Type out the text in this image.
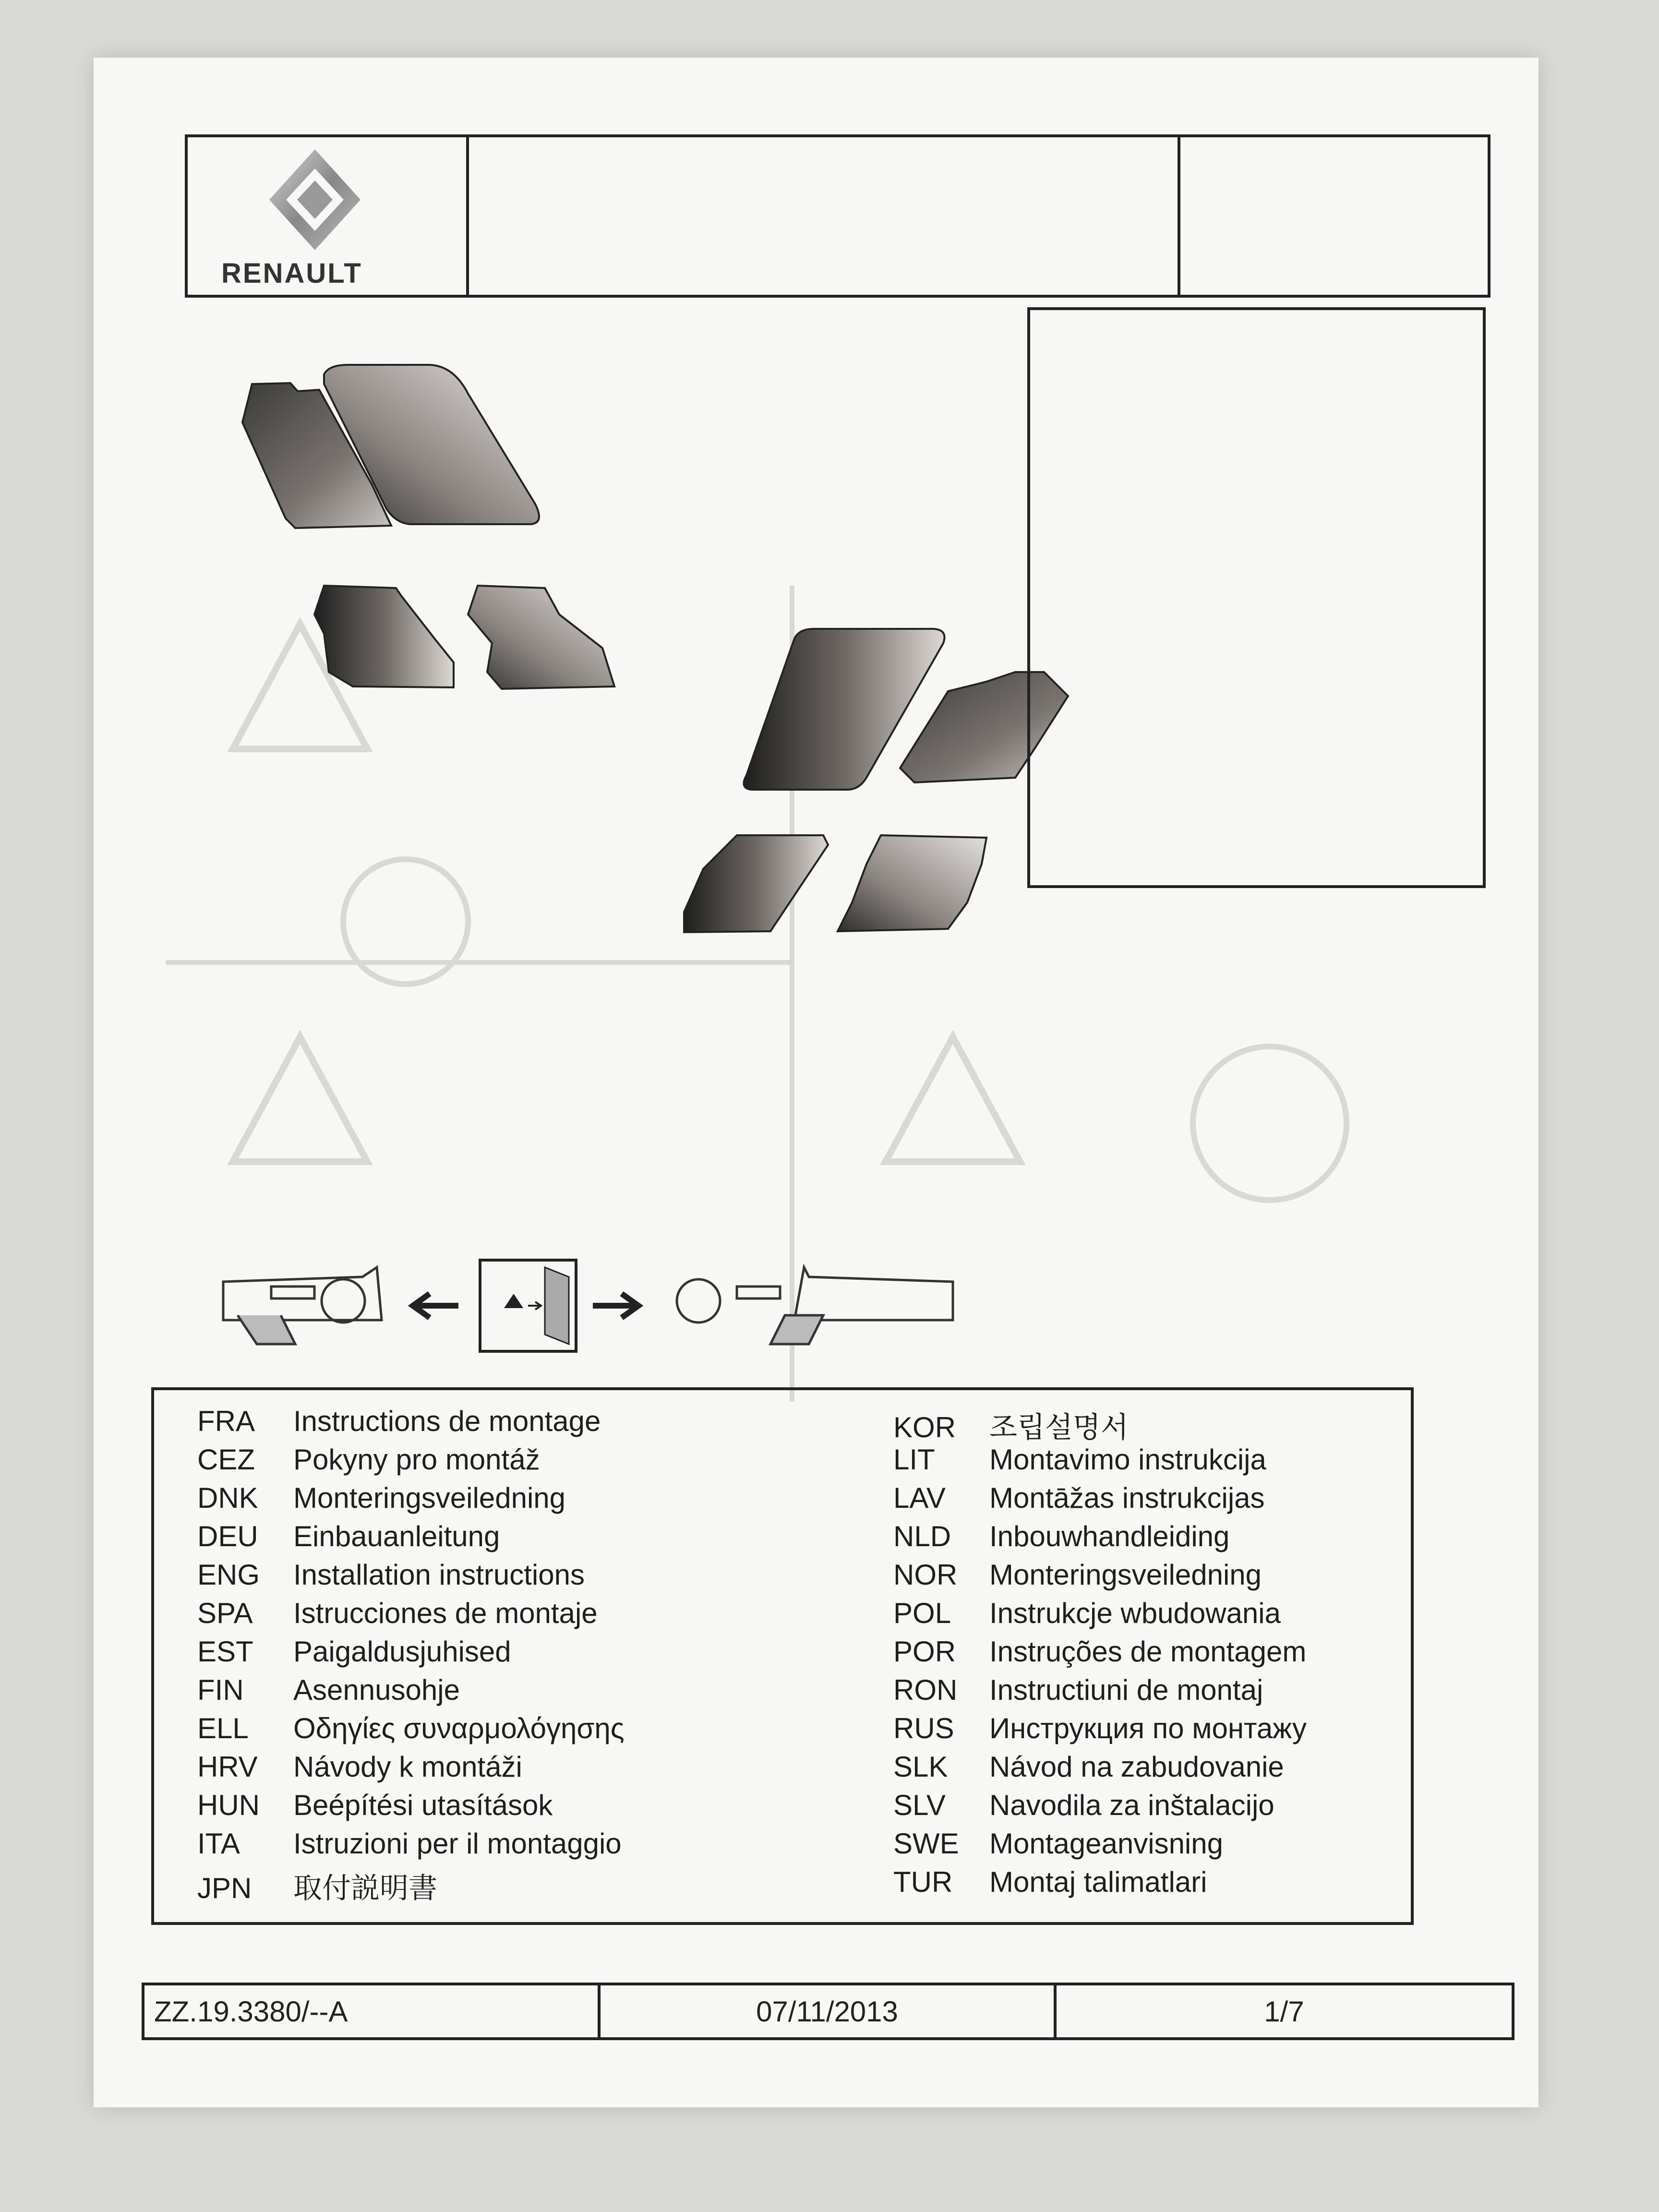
RENAULT
FRA Instructions de montage
CEZ Pokyny pro montáž
DNK Monteringsveiledning
DEU Einbauanleitung
ENG Installation instructions
SPA Istrucciones de montaje
EST Paigaldusjuhised
FIN Asennusohje
ELL Οδηγίες συναρμολόγησης
HRV Návody k montáži
HUN Beépítési utasítások
ITA Istruzioni per il montaggio
JPN 取付説明書
KOR 조립설명서
LIT Montavimo instrukcija
LAV Montāžas instrukcijas
NLD Inbouwhandleiding
NOR Monteringsveiledning
POL Instrukcje wbudowania
POR Instruções de montagem
RON Instructiuni de montaj
RUS Инструкция по монтажу
SLK Návod na zabudovanie
SLV Navodila za inštalacijo
SWE Montageanvisning
TUR Montaj talimatlari
ZZ.19.3380/--A	07/11/2013	1/7
